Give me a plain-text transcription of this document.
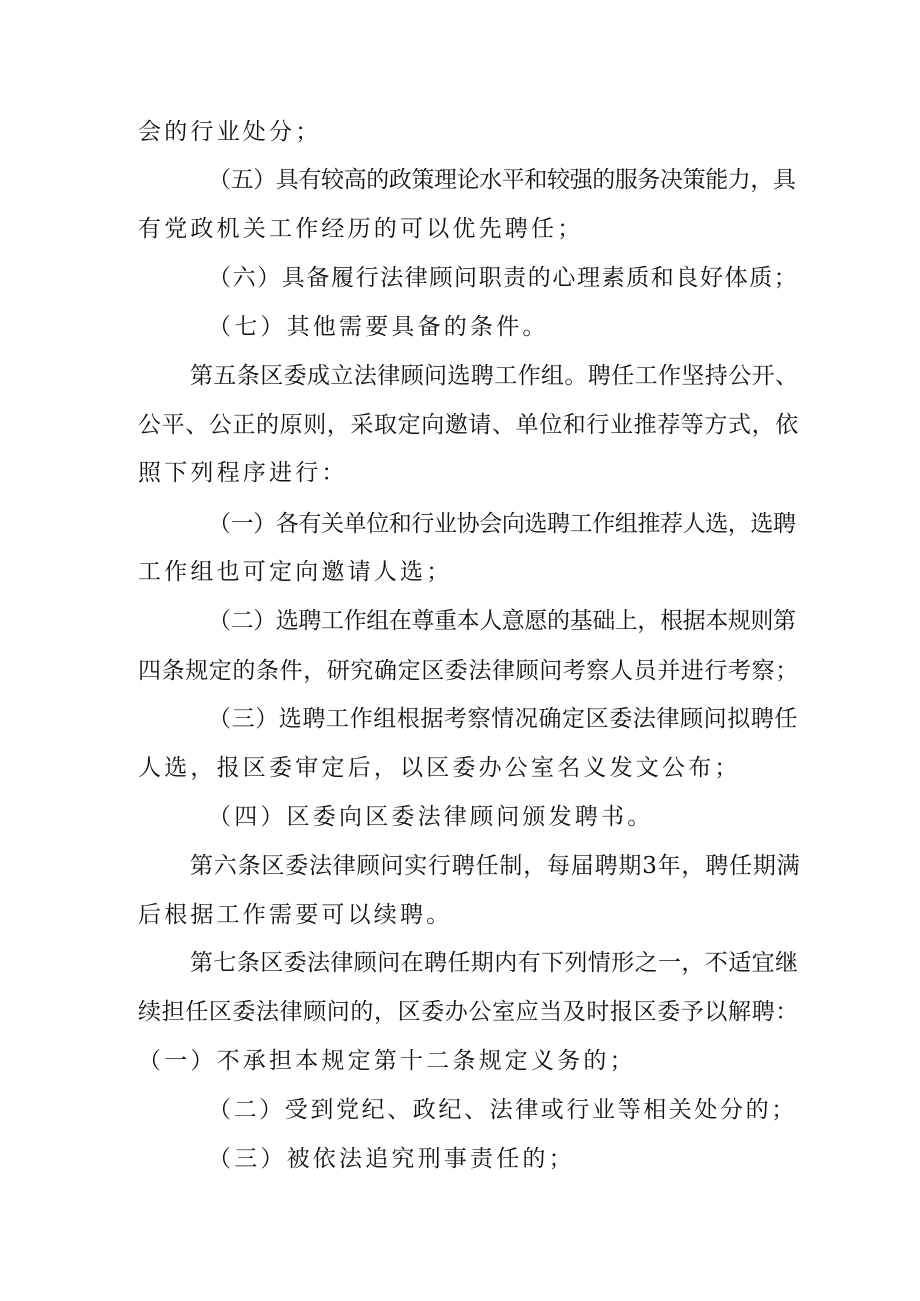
会的行业处分；

（五）具有较高的政策理论水平和较强的服务决策能力，具

有党政机关工作经历的可以优先聘任；

（六）具备履行法律顾问职责的心理素质和良好体质；

（七）其他需要具备的条件。

第五条区委成立法律顾问选聘工作组。聘任工作坚持公开、

公平、公正的原则，采取定向邀请、单位和行业推荐等方式，依

照下列程序进行：

（一）各有关单位和行业协会向选聘工作组推荐人选，选聘

工作组也可定向邀请人选；

（二）选聘工作组在尊重本人意愿的基础上，根据本规则第

四条规定的条件，研究确定区委法律顾问考察人员并进行考察；

（三）选聘工作组根据考察情况确定区委法律顾问拟聘任

人选，报区委审定后，以区委办公室名义发文公布；

（四）区委向区委法律顾问颁发聘书。

第六条区委法律顾问实行聘任制，每届聘期3年，聘任期满

后根据工作需要可以续聘。

第七条区委法律顾问在聘任期内有下列情形之一，不适宜继

续担任区委法律顾问的，区委办公室应当及时报区委予以解聘：

（一）不承担本规定第十二条规定义务的；

（二）受到党纪、政纪、法律或行业等相关处分的；

（三）被依法追究刑事责任的；
